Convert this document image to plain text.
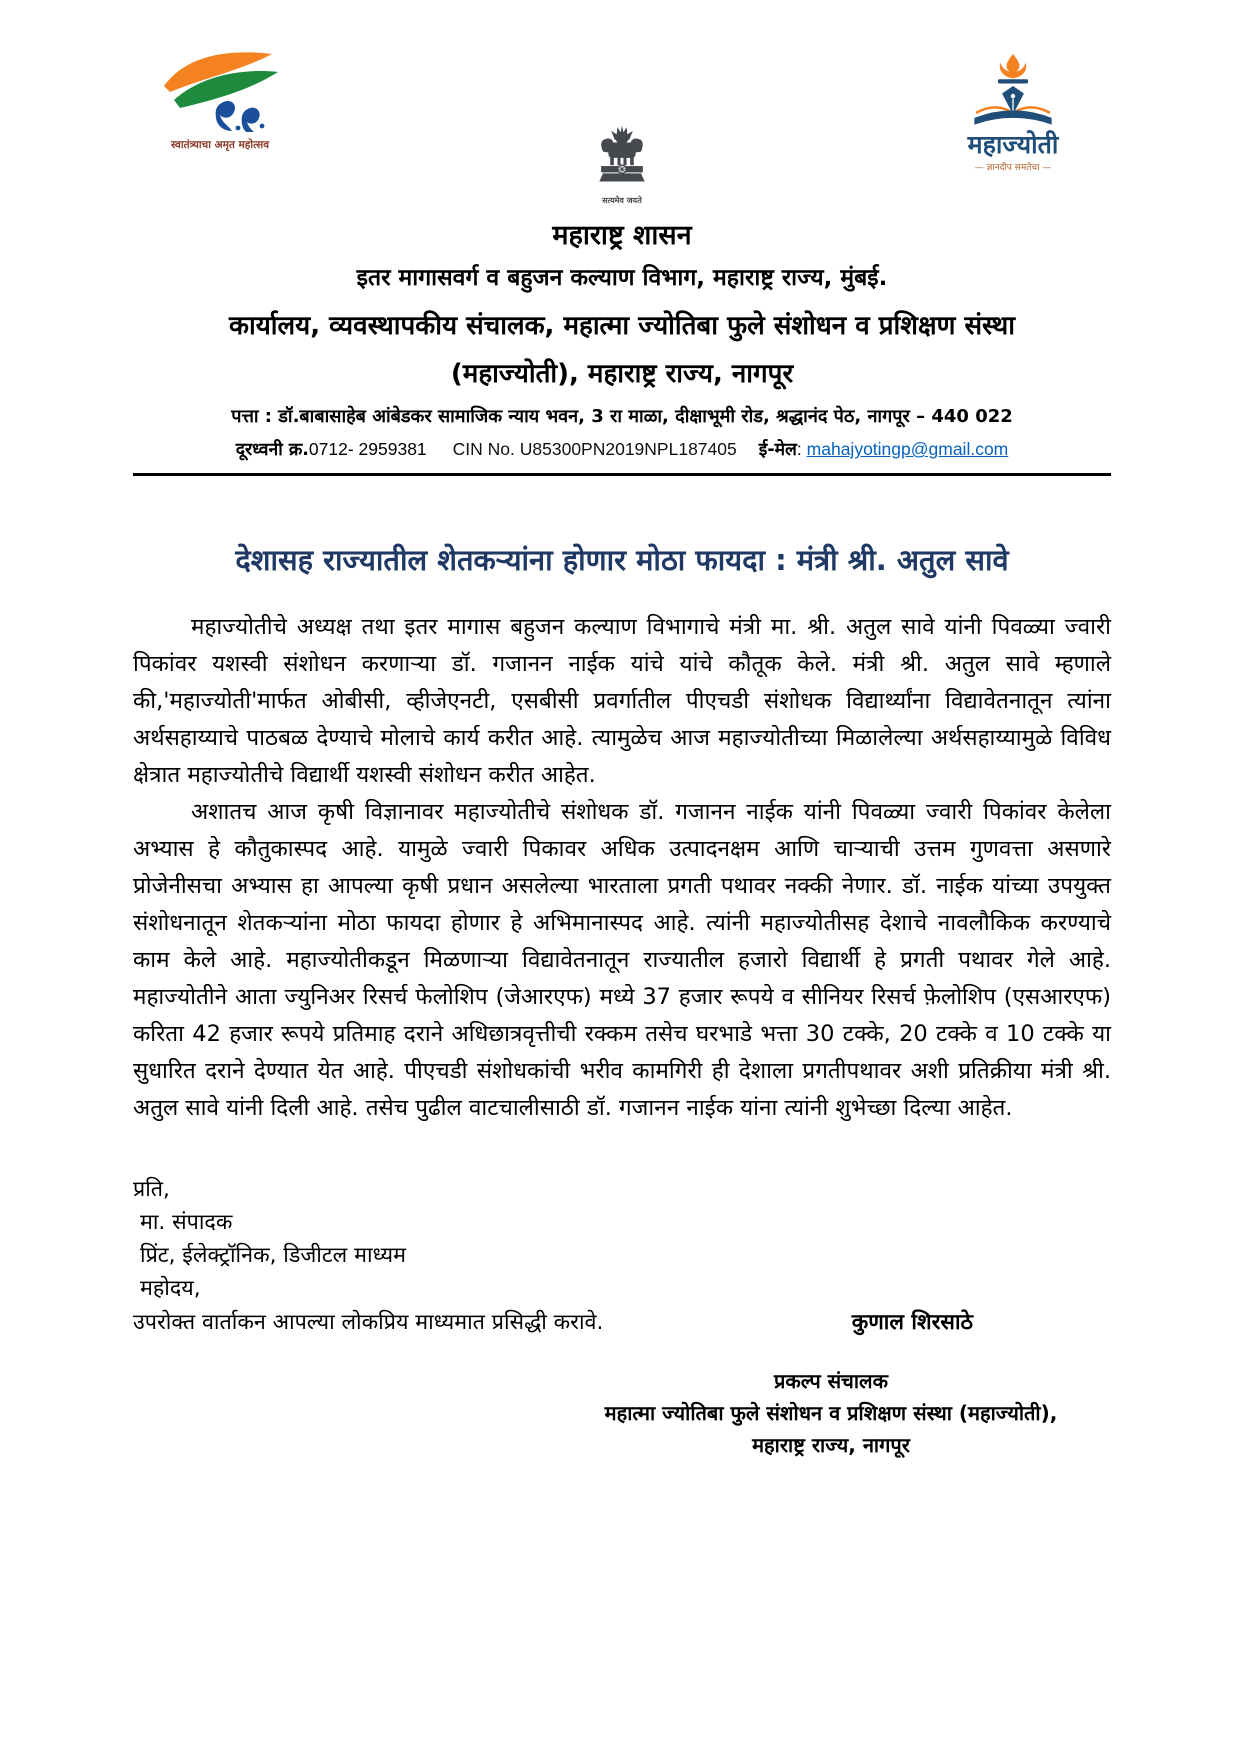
स्वातंत्र्याचा अमृत महोत्सव	महाज्योती
— ज्ञानदीप समतेचा —
सत्यमेव जयते
महाराष्ट्र शासन
इतर मागासवर्ग व बहुजन कल्याण विभाग, महाराष्ट्र राज्य, मुंबई.
कार्यालय, व्यवस्थापकीय संचालक, महात्मा ज्योतिबा फुले संशोधन व प्रशिक्षण संस्था
(महाज्योती), महाराष्ट्र राज्य, नागपूर
पत्ता : डॉ.बाबासाहेब आंबेडकर सामाजिक न्याय भवन, 3 रा माळा, दीक्षाभूमी रोड, श्रद्धानंद पेठ, नागपूर – 440 022
दूरध्वनी क्र.0712- 2959381 CIN No. U85300PN2019NPL187405 ई-मेल: mahajyotingp@gmail.com
देशासह राज्यातील शेतकऱ्यांना होणार मोठा फायदा : मंत्री श्री. अतुल सावे

महाज्योतीचे अध्यक्ष तथा इतर मागास बहुजन कल्याण विभागाचे मंत्री मा. श्री. अतुल सावे यांनी पिवळ्या ज्वारी पिकांवर यशस्वी संशोधन करणाऱ्या डॉ. गजानन नाईक यांचे यांचे कौतूक केले. मंत्री श्री. अतुल सावे म्हणाले की,'महाज्योती'मार्फत ओबीसी, व्हीजेएनटी, एसबीसी प्रवर्गातील पीएचडी संशोधक विद्यार्थ्यांना विद्यावेतनातून त्यांना अर्थसहाय्याचे पाठबळ देण्याचे मोलाचे कार्य करीत आहे. त्यामुळेच आज महाज्योतीच्या मिळालेल्या अर्थसहाय्यामुळे विविध क्षेत्रात महाज्योतीचे विद्यार्थी यशस्वी संशोधन करीत आहेत.

अशातच आज कृषी विज्ञानावर महाज्योतीचे संशोधक डॉ. गजानन नाईक यांनी पिवळ्या ज्वारी पिकांवर केलेला अभ्यास हे कौतुकास्पद आहे. यामुळे ज्वारी पिकावर अधिक उत्पादनक्षम आणि चाऱ्याची उत्तम गुणवत्ता असणारे प्रोजेनीसचा अभ्यास हा आपल्या कृषी प्रधान असलेल्या भारताला प्रगती पथावर नक्की नेणार. डॉ. नाईक यांच्या उपयुक्त संशोधनातून शेतकऱ्यांना मोठा फायदा होणार हे अभिमानास्पद आहे. त्यांनी महाज्योतीसह देशाचे नावलौकिक करण्याचे काम केले आहे. महाज्योतीकडून मिळणाऱ्या विद्यावेतनातून राज्यातील हजारो विद्यार्थी हे प्रगती पथावर गेले आहे. महाज्योतीने आता ज्युनिअर रिसर्च फेलोशिप (जेआरएफ) मध्ये 37 हजार रूपये व सीनियर रिसर्च फ़ेलोशिप (एसआरएफ) करिता 42 हजार रूपये प्रतिमाह दराने अधिछात्रवृत्तीची रक्कम तसेच घरभाडे भत्ता 30 टक्के, 20 टक्के व 10 टक्के या सुधारित दराने देण्यात येत आहे. पीएचडी संशोधकांची भरीव कामगिरी ही देशाला प्रगतीपथावर अशी प्रतिक्रीया मंत्री श्री. अतुल सावे यांनी दिली आहे. तसेच पुढील वाटचालीसाठी डॉ. गजानन नाईक यांना त्यांनी शुभेच्छा दिल्या आहेत.

प्रति,
मा. संपादक
प्रिंट, ईलेक्ट्रॉनिक, डिजीटल माध्यम
महोदय,
उपरोक्त वार्ताकन आपल्या लोकप्रिय माध्यमात प्रसिद्धी करावे.	कुणाल शिरसाठे
प्रकल्प संचालक
महात्मा ज्योतिबा फुले संशोधन व प्रशिक्षण संस्था (महाज्योती),
महाराष्ट्र राज्य, नागपूर
